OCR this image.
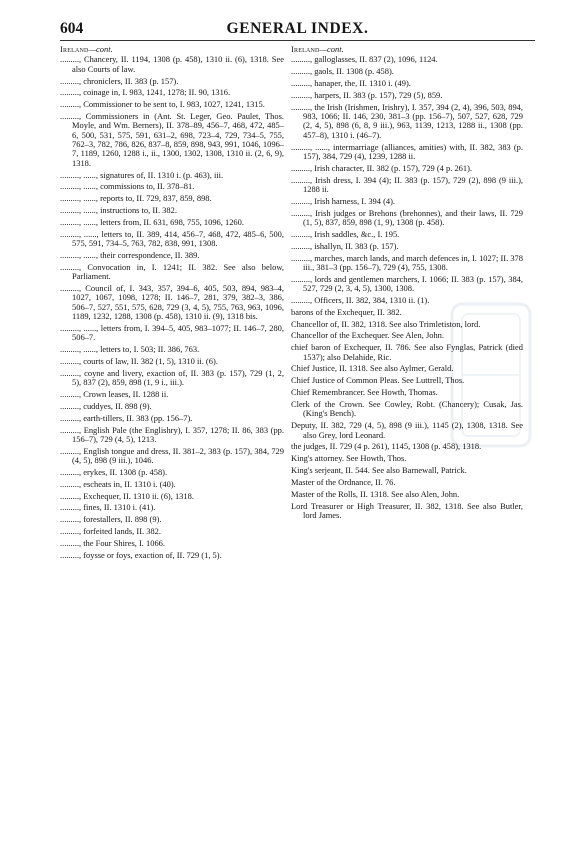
604	GENERAL INDEX.
Ireland—cont.

........., Chancery, II. 1194, 1308 (p. 458), 1310 ii. (6), 1318. See also Courts of law.

........., chroniclers, II. 383 (p. 157).

........., coinage in, I. 983, 1241, 1278; II. 90, 1316.

........., Commissioner to be sent to, I. 983, 1027, 1241, 1315.

........., Commissioners in (Ant. St. Leger, Geo. Paulet, Thos. Moyle, and Wm. Berners), II. 378–89, 456–7, 468, 472, 485–6, 500, 531, 575, 591, 631–2, 698, 723–4, 729, 734–5, 755, 762–3, 782, 786, 826, 837–8, 859, 898, 943, 991, 1046, 1096–7, 1189, 1260, 1288 i., ii., 1300, 1302, 1308, 1310 ii. (2, 6, 9), 1318.

........., ......, signatures of, II. 1310 i. (p. 463), iii.

........., ......, commissions to, II. 378–81.

........., ......, reports to, II. 729, 837, 859, 898.

........., ......, instructions to, II. 382.

........., ......, letters from, II. 631, 698, 755, 1096, 1260.

........., ......, letters to, II. 389, 414, 456–7, 468, 472, 485–6, 500, 575, 591, 734–5, 763, 782, 838, 991, 1308.

........., ......, their correspondence, II. 389.

........., Convocation in, I. 1241; II. 382. See also below, Parliament.

........., Council of, I. 343, 357, 394–6, 405, 503, 894, 983–4, 1027, 1067, 1098, 1278; II. 146–7, 281, 379, 382–3, 386, 506–7, 527, 551, 575, 628, 729 (3, 4, 5), 755, 763, 963, 1096, 1189, 1232, 1288, 1308 (p. 458), 1310 ii. (9), 1318 bis.

........., ......, letters from, I. 394–5, 405, 983–1077; II. 146–7, 280, 506–7.

........., ......, letters to, I. 503; II. 386, 763.

........., courts of law, II. 382 (1, 5), 1310 ii. (6).

........., coyne and livery, exaction of, II. 383 (p. 157), 729 (1, 2, 5), 837 (2), 859, 898 (1, 9 i., iii.).

........., Crown leases, II. 1288 ii.

........., cuddyes, II. 898 (9).

........., earth-tillers, II. 383 (pp. 156–7).

........., English Pale (the Englishry), I. 357, 1278; II. 86, 383 (pp. 156–7), 729 (4, 5), 1213.

........., English tongue and dress, II. 381–2, 383 (p. 157), 384, 729 (4, 5), 898 (9 iii.), 1046.

........., erykes, II. 1308 (p. 458).

........., escheats in, II. 1310 i. (40).

........., Exchequer, II. 1310 ii. (6), 1318.

........., fines, II. 1310 i. (41).

........., forestallers, II. 898 (9).

........., forfeited lands, II. 382.

........., the Four Shires, I. 1066.

........., foysse or foys, exaction of, II. 729 (1, 5).

Ireland—cont.

........., galloglasses, II. 837 (2), 1096, 1124.

........., gaols, II. 1308 (p. 458).

........., hanaper, the, II. 1310 i. (49).

........., harpers, II. 383 (p. 157), 729 (5), 859.

........., the Irish (Irishmen, Irishry), I. 357, 394 (2, 4), 396, 503, 894, 983, 1066; II. 146, 230, 381–3 (pp. 156–7), 507, 527, 628, 729 (2, 4, 5), 898 (6, 8, 9 iii.), 963, 1139, 1213, 1288 ii., 1308 (pp. 457–8), 1310 i. (46–7).

........., ......, intermarriage (alliances, amities) with, II. 382, 383 (p. 157), 384, 729 (4), 1239, 1288 ii.

........., Irish character, II. 382 (p. 157), 729 (4 p. 261).

........., Irish dress, I. 394 (4); II. 383 (p. 157), 729 (2), 898 (9 iii.), 1288 ii.

........., Irish harness, I. 394 (4).

........., Irish judges or Brehons (brehonnes), and their laws, II. 729 (1, 5), 837, 859, 898 (1, 9), 1308 (p. 458).

........., Irish saddles, &c., I. 195.

........., ishallyn, II. 383 (p. 157).

........., marches, march lands, and march defences in, I. 1027; II. 378 iii., 381–3 (pp. 156–7), 729 (4), 755, 1308.

........., lords and gentlemen marchers, I. 1066; II. 383 (p. 157), 384, 527, 729 (2, 3, 4, 5), 1300, 1308.

........., Officers, II. 382, 384, 1310 ii. (1).

barons of the Exchequer, II. 382.

Chancellor of, II. 382, 1318. See also Trimletiston, lord.

Chancellor of the Exchequer. See Alen, John.

chief baron of Exchequer, II. 786. See also Fynglas, Patrick (died 1537); also Delahide, Ric.

Chief Justice, II. 1318. See also Aylmer, Gerald.

Chief Justice of Common Pleas. See Luttrell, Thos.

Chief Remembrancer. See Howth, Thomas.

Clerk of the Crown. See Cowley, Robt. (Chancery); Cusak, Jas. (King's Bench).

Deputy, II. 382, 729 (4, 5), 898 (9 iii.), 1145 (2), 1308, 1318. See also Grey, lord Leonard.

the judges, II. 729 (4 p. 261), 1145, 1308 (p. 458), 1318.

King's attorney. See Howth, Thos.

King's serjeant, II. 544. See also Barnewall, Patrick.

Master of the Ordnance, II. 76.

Master of the Rolls, II. 1318. See also Alen, John.

Lord Treasurer or High Treasurer, II. 382, 1318. See also Butler, lord James.
